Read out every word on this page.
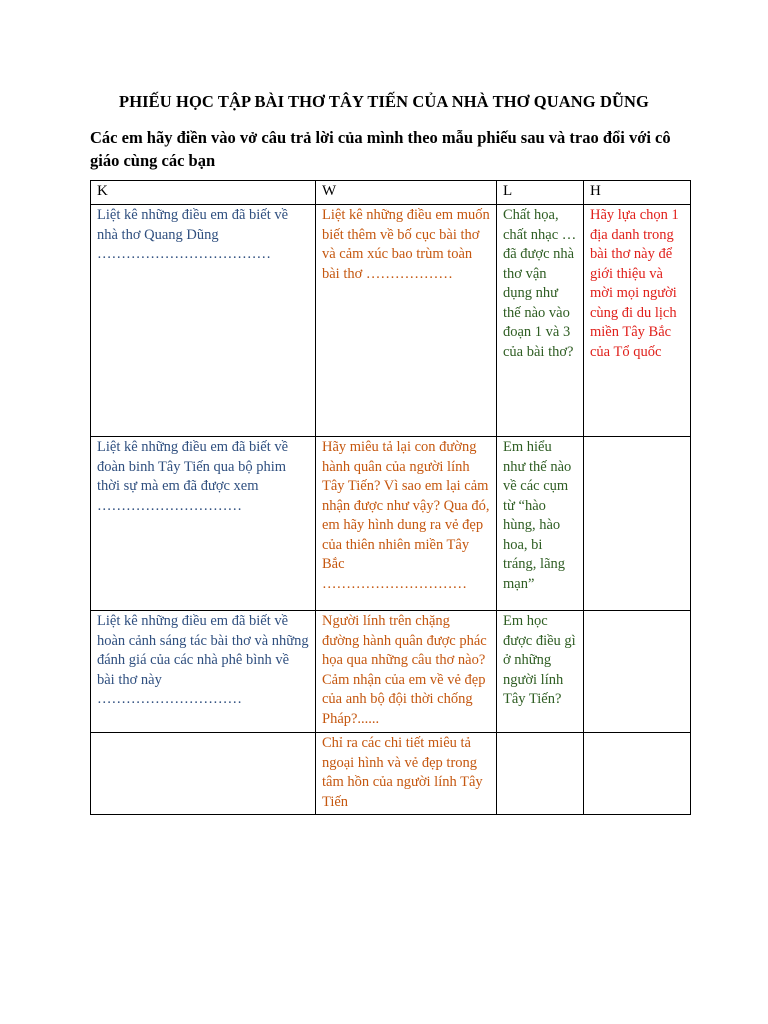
PHIẾU HỌC TẬP BÀI THƠ TÂY TIẾN CỦA NHÀ THƠ QUANG DŨNG
Các em hãy điền vào vở câu trả lời của mình theo mẫu phiếu sau và trao đổi với cô giáo cùng các bạn
K	W	L	H
Liệt kê những điều em đã biết về nhà thơ Quang Dũng ………………………………	Liệt kê những điều em muốn biết thêm về bố cục bài thơ và cảm xúc bao trùm toàn bài thơ ………………	Chất họa, chất nhạc … đã được nhà thơ vận dụng như thế nào vào đoạn 1 và 3 của bài thơ?	Hãy lựa chọn 1 địa danh trong bài thơ này để giới thiệu và mời mọi người cùng đi du lịch miền Tây Bắc của Tổ quốc
Liệt kê những điều em đã biết về đoàn binh Tây Tiến qua bộ phim thời sự mà em đã được xem …………………………	Hãy miêu tả lại con đường hành quân của người lính Tây Tiến? Vì sao em lại cảm nhận được như vậy? Qua đó, em hãy hình dung ra vẻ đẹp của thiên nhiên miền Tây Bắc …………………………	Em hiểu như thế nào về các cụm từ “hào hùng, hào hoa, bi tráng, lãng mạn”	
Liệt kê những điều em đã biết về hoàn cảnh sáng tác bài thơ và những đánh giá của các nhà phê bình về bài thơ này …………………………	Người lính trên chặng đường hành quân được phác họa qua những câu thơ nào? Cảm nhận của em về vẻ đẹp của anh bộ đội thời chống Pháp?......	Em học được điều gì ở những người lính Tây Tiến?	
	Chỉ ra các chi tiết miêu tả ngoại hình và vẻ đẹp trong tâm hồn của người lính Tây Tiến		
